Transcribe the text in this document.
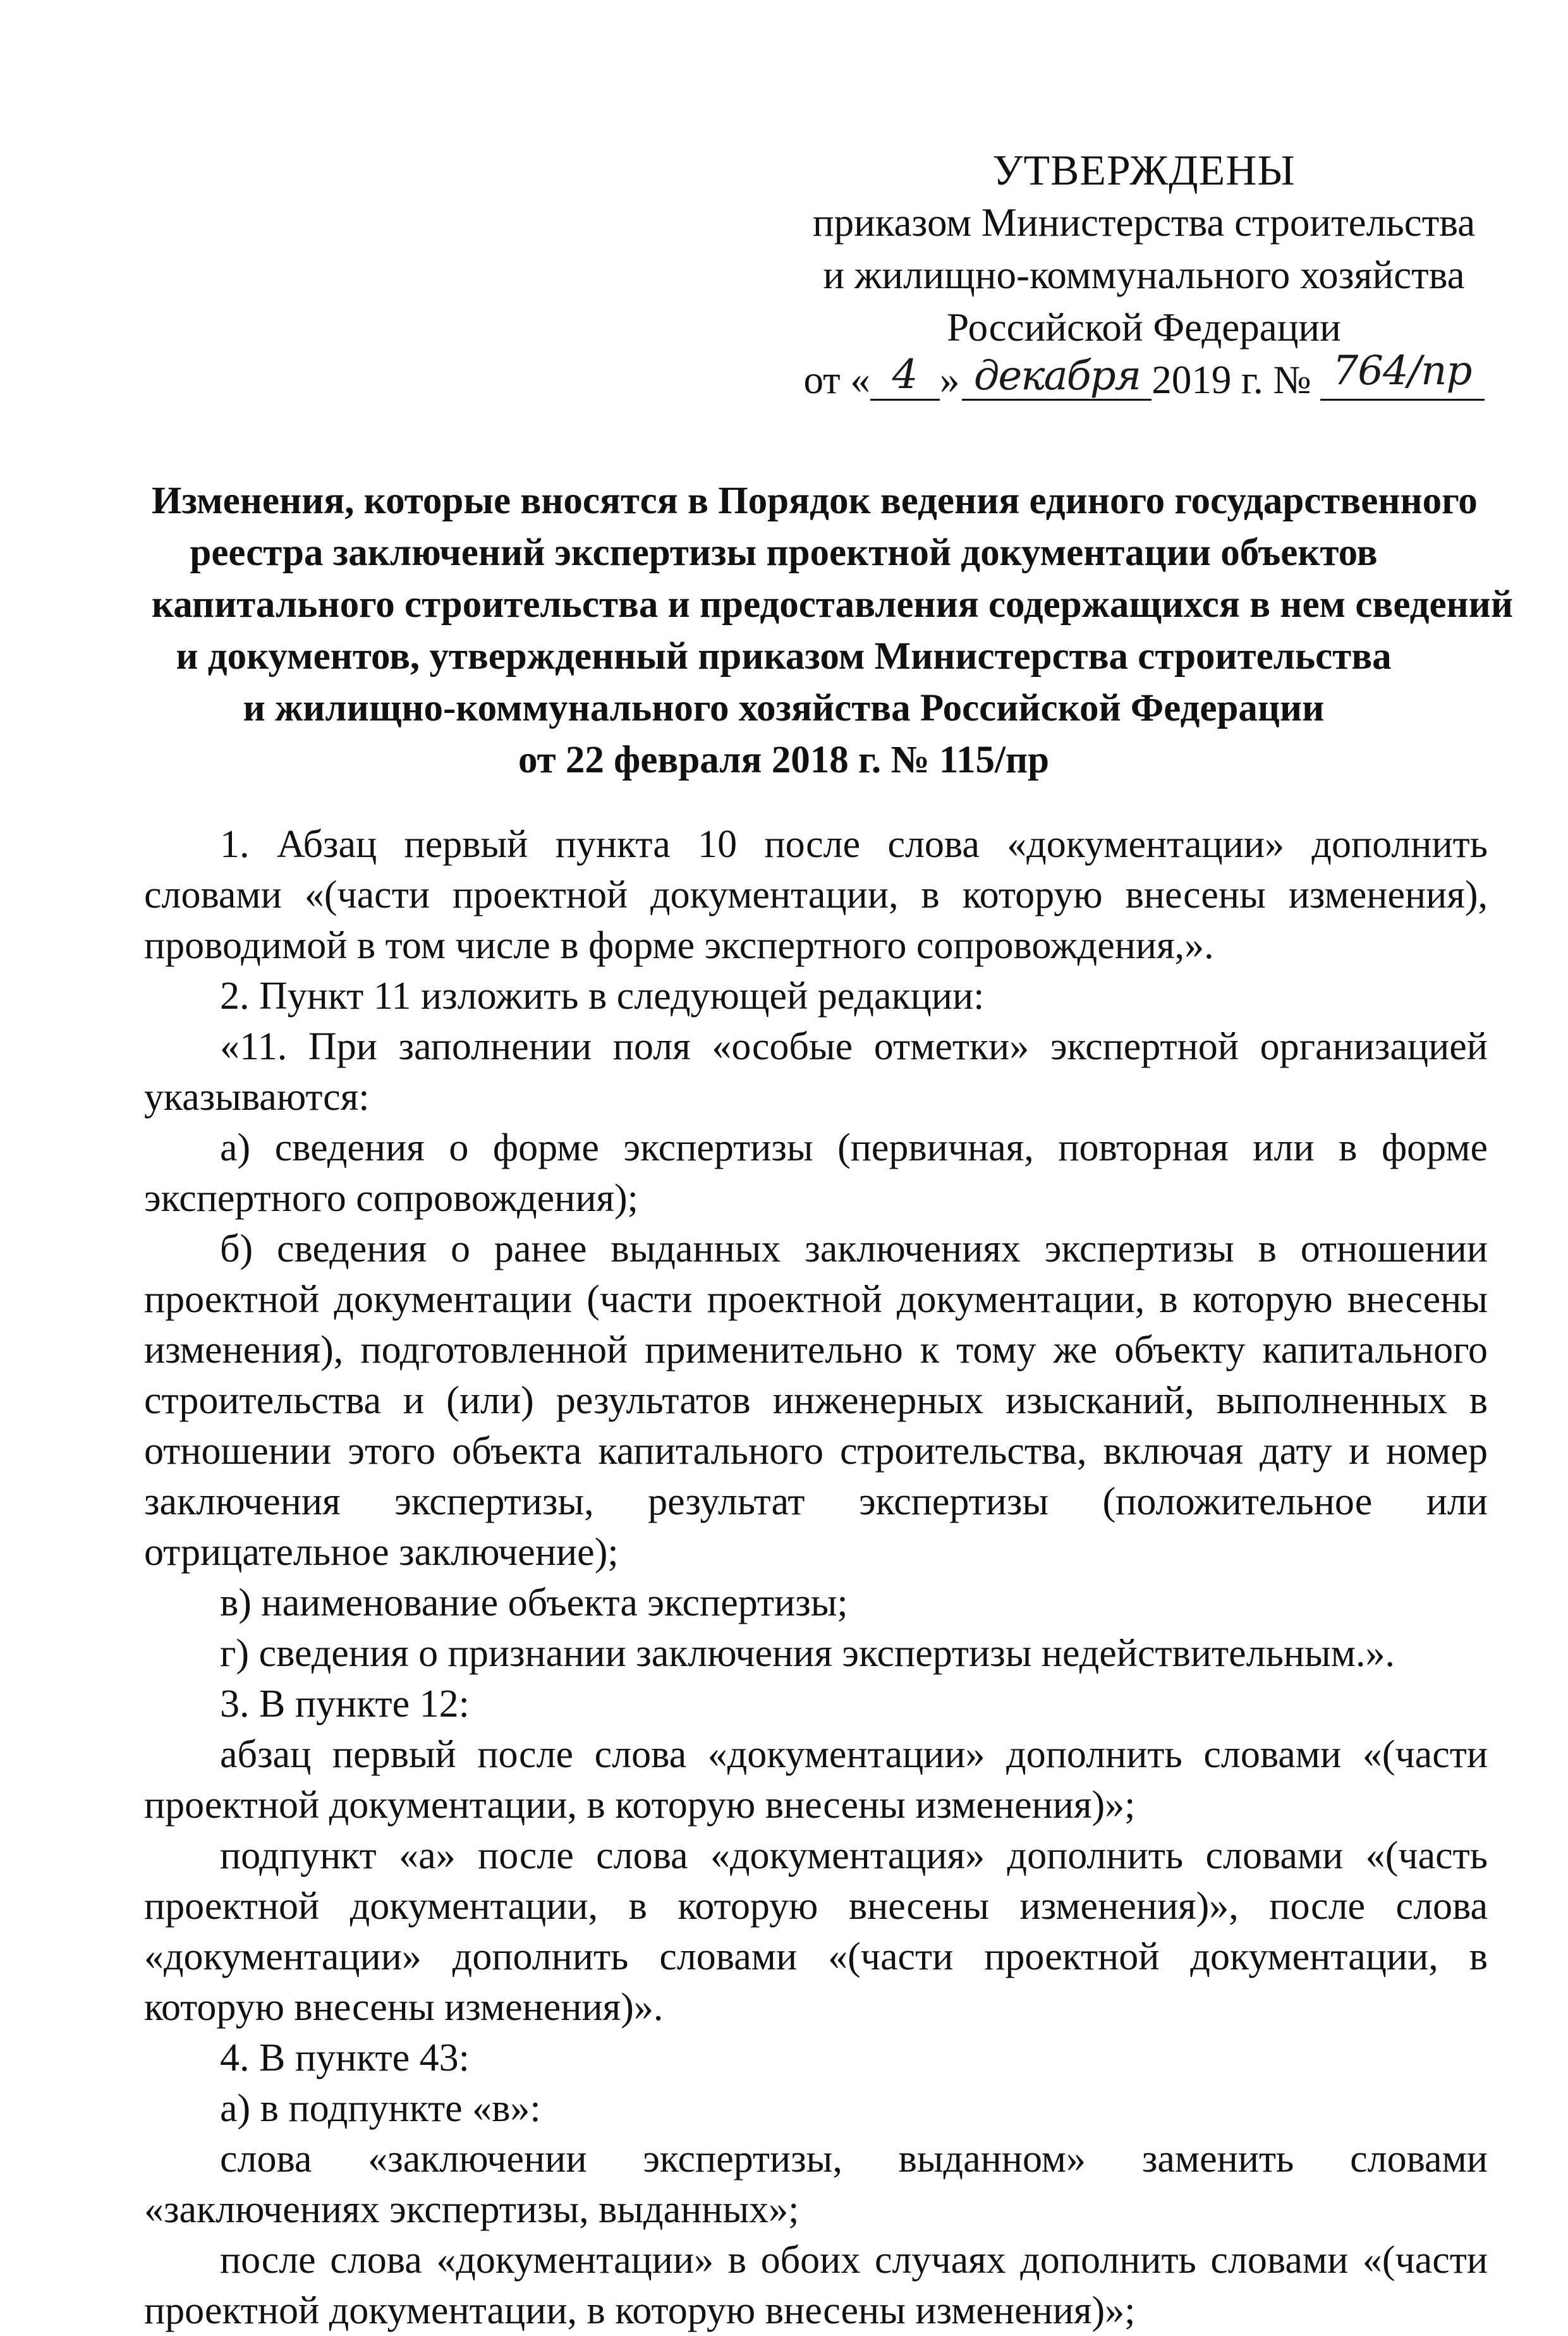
УТВЕРЖДЕНЫ
приказом Министерства строительства
и жилищно-коммунального хозяйства
Российской Федерации
от « 4 » декабря 2019 г. № 764/пр
Изменения, которые вносятся в Порядок ведения единого государственного
реестра заключений экспертизы проектной документации объектов
капитального строительства и предоставления содержащихся в нем сведений
и документов, утвержденный приказом Министерства строительства
и жилищно-коммунального хозяйства Российской Федерации
от 22 февраля 2018 г. № 115/пр

1. Абзац первый пункта 10 после слова «документации» дополнить словами «(части проектной документации, в которую внесены изменения), проводимой в том числе в форме экспертного сопровождения,».

2. Пункт 11 изложить в следующей редакции:

«11. При заполнении поля «особые отметки» экспертной организацией указываются:

а) сведения о форме экспертизы (первичная, повторная или в форме экспертного сопровождения);

б) сведения о ранее выданных заключениях экспертизы в отношении проектной документации (части проектной документации, в которую внесены изменения), подготовленной применительно к тому же объекту капитального строительства и (или) результатов инженерных изысканий, выполненных в отношении этого объекта капитального строительства, включая дату и номер заключения экспертизы, результат экспертизы (положительное или отрицательное заключение);

в) наименование объекта экспертизы;

г) сведения о признании заключения экспертизы недействительным.».

3. В пункте 12:

абзац первый после слова «документации» дополнить словами «(части проектной документации, в которую внесены изменения)»;

подпункт «а» после слова «документация» дополнить словами «(часть проектной документации, в которую внесены изменения)», после слова «документации» дополнить словами «(части проектной документации, в которую внесены изменения)».

4. В пункте 43:

а) в подпункте «в»:

слова «заключении экспертизы, выданном» заменить словами «заключениях экспертизы, выданных»;

после слова «документации» в обоих случаях дополнить словами «(части проектной документации, в которую внесены изменения)»;
